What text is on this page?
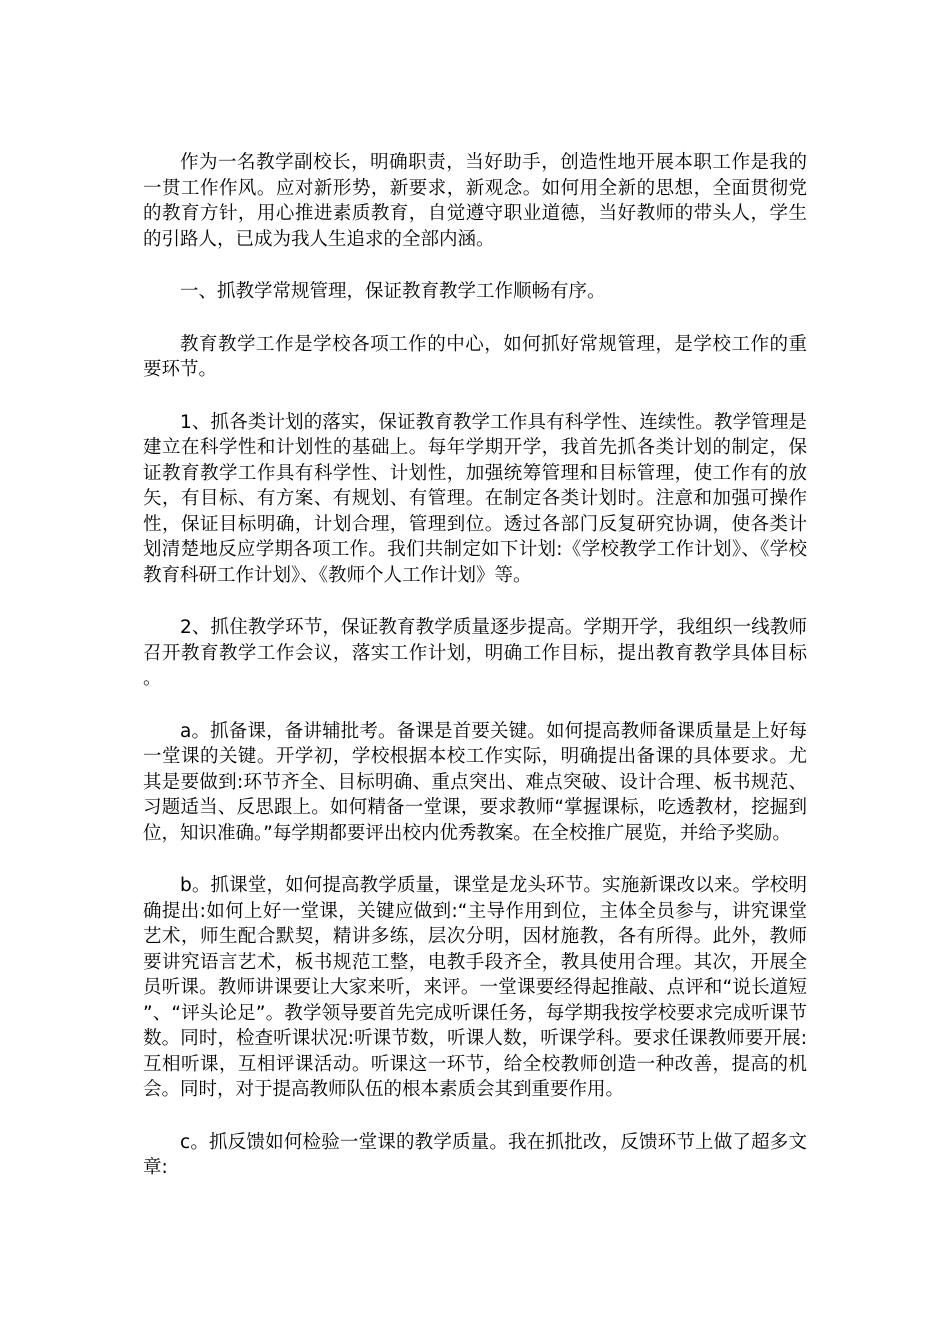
作为一名教学副校长，明确职责，当好助手，创造性地开展本职工作是我的一贯工作作风。应对新形势，新要求，新观念。如何用全新的思想，全面贯彻党的教育方针，用心推进素质教育，自觉遵守职业道德，当好教师的带头人，学生的引路人，已成为我人生追求的全部内涵。

一、抓教学常规管理，保证教育教学工作顺畅有序。

教育教学工作是学校各项工作的中心，如何抓好常规管理，是学校工作的重要环节。

1、抓各类计划的落实，保证教育教学工作具有科学性、连续性。教学管理是建立在科学性和计划性的基础上。每年学期开学，我首先抓各类计划的制定，保证教育教学工作具有科学性、计划性，加强统筹管理和目标管理，使工作有的放矢，有目标、有方案、有规划、有管理。在制定各类计划时。注意和加强可操作性，保证目标明确，计划合理，管理到位。透过各部门反复研究协调，使各类计划清楚地反应学期各项工作。我们共制定如下计划:《学校教学工作计划》、《学校教育科研工作计划》、《教师个人工作计划》等。

2、抓住教学环节，保证教育教学质量逐步提高。学期开学，我组织一线教师召开教育教学工作会议，落实工作计划，明确工作目标，提出教育教学具体目标。

a。抓备课，备讲辅批考。备课是首要关键。如何提高教师备课质量是上好每一堂课的关键。开学初，学校根据本校工作实际，明确提出备课的具体要求。尤其是要做到:环节齐全、目标明确、重点突出、难点突破、设计合理、板书规范、习题适当、反思跟上。如何精备一堂课，要求教师“掌握课标，吃透教材，挖掘到位，知识准确。”每学期都要评出校内优秀教案。在全校推广展览，并给予奖励。

b。抓课堂，如何提高教学质量，课堂是龙头环节。实施新课改以来。学校明确提出:如何上好一堂课，关键应做到:“主导作用到位，主体全员参与，讲究课堂艺术，师生配合默契，精讲多练，层次分明，因材施教，各有所得。此外，教师要讲究语言艺术，板书规范工整，电教手段齐全，教具使用合理。其次，开展全员听课。教师讲课要让大家来听，来评。一堂课要经得起推敲、点评和“说长道短”、“评头论足”。教学领导要首先完成听课任务，每学期我按学校要求完成听课节数。同时，检查听课状况:听课节数，听课人数，听课学科。要求任课教师要开展:互相听课，互相评课活动。听课这一环节，给全校教师创造一种改善，提高的机会。同时，对于提高教师队伍的根本素质会其到重要作用。

c。抓反馈如何检验一堂课的教学质量。我在抓批改，反馈环节上做了超多文章:
